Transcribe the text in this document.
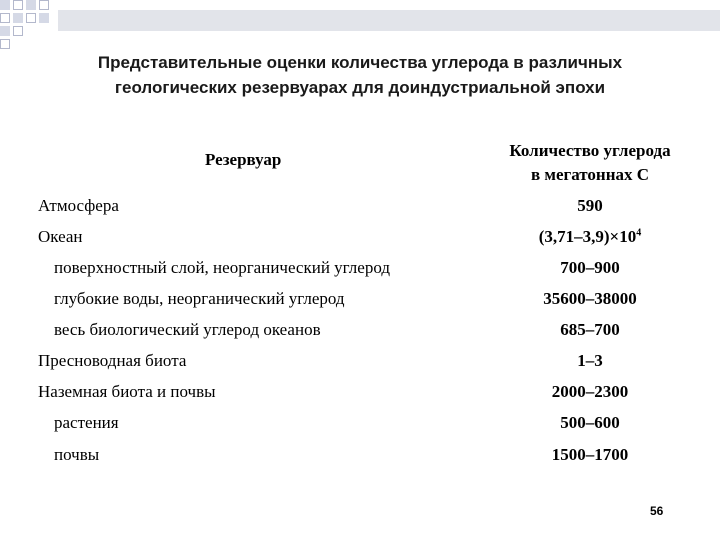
Представительные оценки количества углерода в различных
геологических резервуарах для доиндустриальной эпохи
Резервуар	Количество углерода
в мегатоннах С
Атмосфера	590
Океан	$(3,71-3,9)\times 10^4$
поверхностный слой, неорганический углерод	700–900
глубокие воды, неорганический углерод	35600–38000
весь биологический углерод океанов	685–700
Пресноводная биота	1–3
Наземная биота и почвы	2000–2300
растения	500–600
почвы	1500–1700
56
